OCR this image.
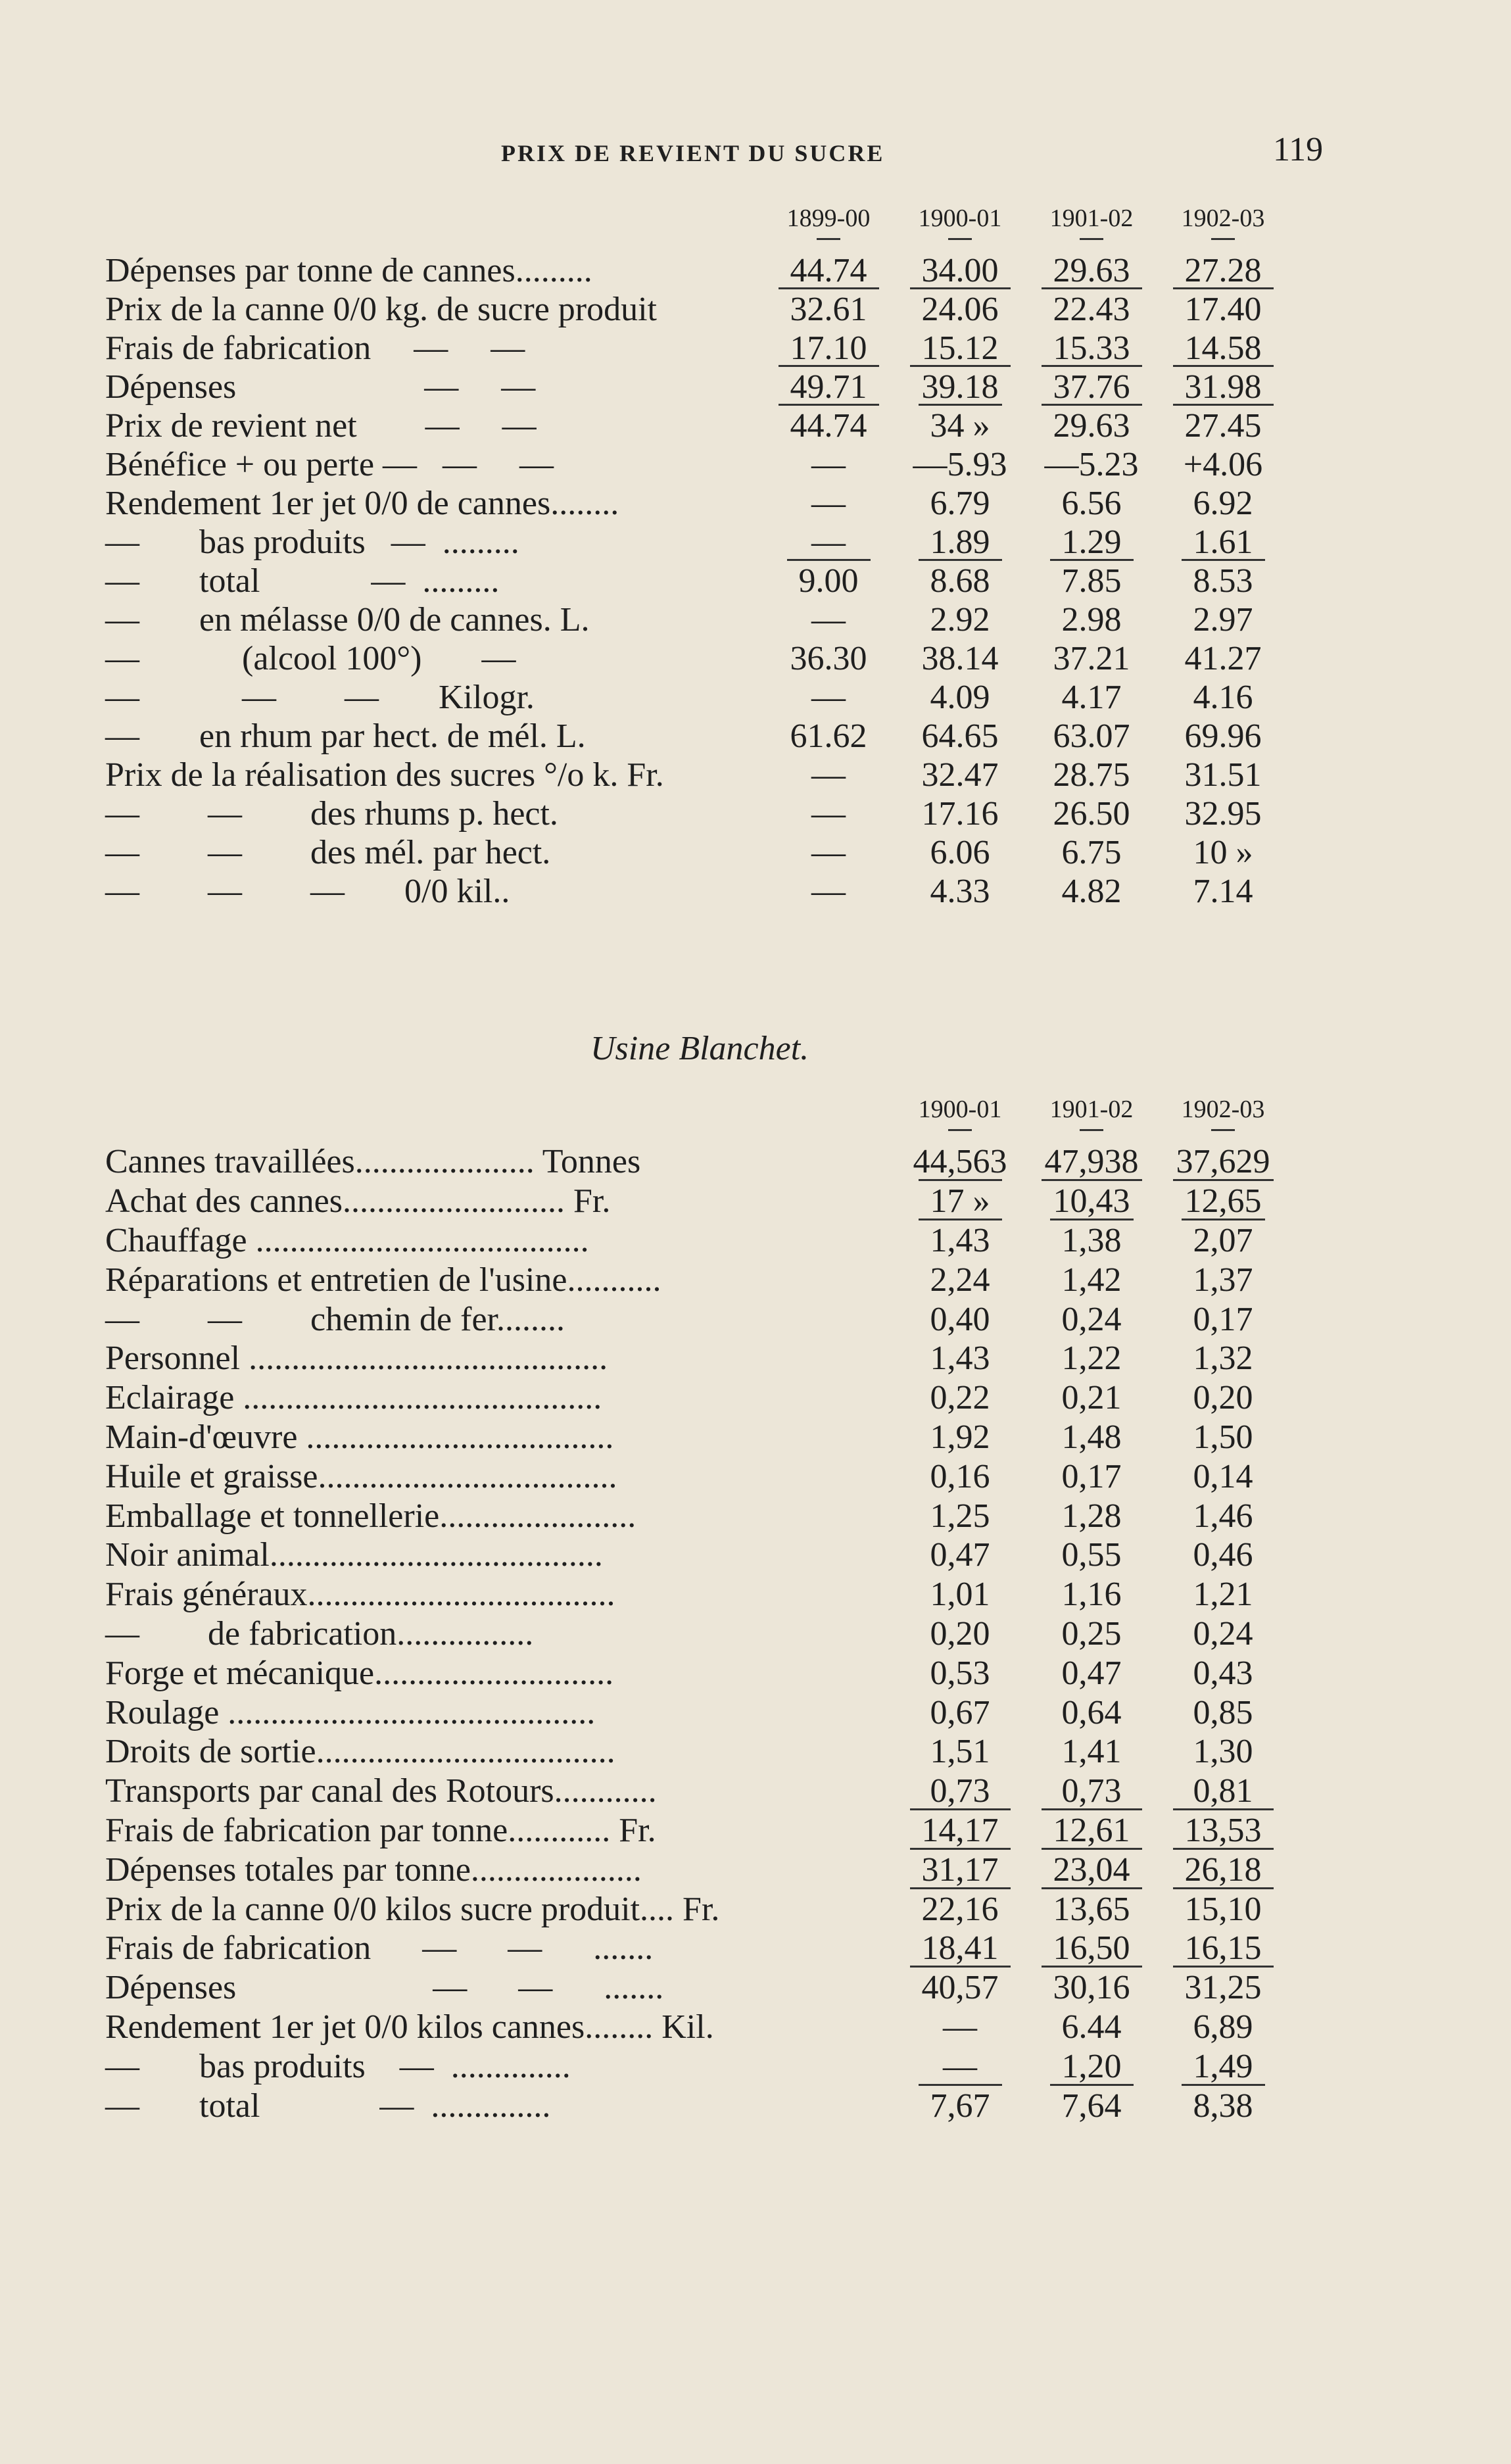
PRIX DE REVIENT DU SUCRE	119
	1899-00	1900-01	1901-02	1902-03

Dépenses par tonne de cannes.........	44.74	34.00	29.63	27.28
Prix de la canne 0/0 kg. de sucre produit	32.61	24.06	22.43	17.40
Frais de fabrication     —     —	17.10	15.12	15.33	14.58
Dépenses                      —     —	49.71	39.18	37.76	31.98
Prix de revient net        —     —	44.74	34 »	29.63	27.45
Bénéfice + ou perte —   —     —	—	—5.93	—5.23	+4.06
Rendement 1er jet 0/0 de cannes........	—	6.79	6.56	6.92
—       bas produits   —  .........	—	1.89	1.29	1.61
—       total             —  .........	9.00	8.68	7.85	8.53
—       en mélasse 0/0 de cannes. L.	—	2.92	2.98	2.97
—            (alcool 100°)       —	36.30	38.14	37.21	41.27
—            —        —       Kilogr.	—	4.09	4.17	4.16
—       en rhum par hect. de mél. L.	61.62	64.65	63.07	69.96
Prix de la réalisation des sucres °/o k. Fr.	—	32.47	28.75	31.51
—        —        des rhums p. hect.	—	17.16	26.50	32.95
—        —        des mél. par hect.	—	6.06	6.75	10 »
—        —        —       0/0 kil..	—	4.33	4.82	7.14
Usine Blanchet.
	1900-01	1901-02	1902-03

Cannes travaillées..................... Tonnes	44,563	47,938	37,629
Achat des cannes.......................... Fr.	17 »	10,43	12,65
Chauffage .......................................	1,43	1,38	2,07
Réparations et entretien de l'usine...........	2,24	1,42	1,37
—        —        chemin de fer........	0,40	0,24	0,17
Personnel ..........................................	1,43	1,22	1,32
Eclairage ..........................................	0,22	0,21	0,20
Main-d'œuvre ....................................	1,92	1,48	1,50
Huile et graisse...................................	0,16	0,17	0,14
Emballage et tonnellerie.......................	1,25	1,28	1,46
Noir animal.......................................	0,47	0,55	0,46
Frais généraux....................................	1,01	1,16	1,21
—        de fabrication................	0,20	0,25	0,24
Forge et mécanique............................	0,53	0,47	0,43
Roulage ...........................................	0,67	0,64	0,85
Droits de sortie...................................	1,51	1,41	1,30
Transports par canal des Rotours............	0,73	0,73	0,81
Frais de fabrication par tonne............ Fr.	14,17	12,61	13,53
Dépenses totales par tonne....................	31,17	23,04	26,18
Prix de la canne 0/0 kilos sucre produit.... Fr.	22,16	13,65	15,10
Frais de fabrication      —      —      .......	18,41	16,50	16,15
Dépenses                       —      —      .......	40,57	30,16	31,25
Rendement 1er jet 0/0 kilos cannes........ Kil.	—	6.44	6,89
—       bas produits    —  ..............	—	1,20	1,49
—       total              —  ..............	7,67	7,64	8,38
